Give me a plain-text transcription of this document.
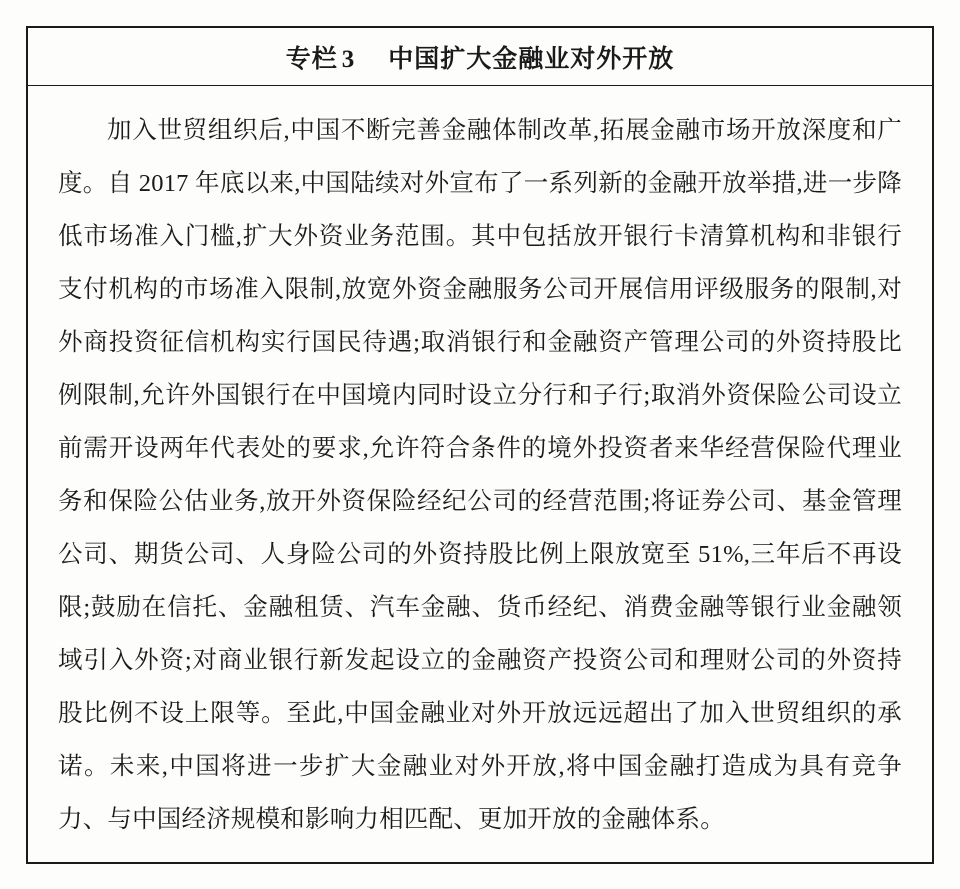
专栏 3 中国扩大金融业对外开放

加入世贸组织后,中国不断完善金融体制改革,拓展金融市场开放深度和广度。自 2017 年底以来,中国陆续对外宣布了一系列新的金融开放举措,进一步降低市场准入门槛,扩大外资业务范围。其中包括放开银行卡清算机构和非银行支付机构的市场准入限制,放宽外资金融服务公司开展信用评级服务的限制,对外商投资征信机构实行国民待遇;取消银行和金融资产管理公司的外资持股比例限制,允许外国银行在中国境内同时设立分行和子行;取消外资保险公司设立前需开设两年代表处的要求,允许符合条件的境外投资者来华经营保险代理业务和保险公估业务,放开外资保险经纪公司的经营范围;将证券公司、基金管理公司、期货公司、人身险公司的外资持股比例上限放宽至 51%,三年后不再设限;鼓励在信托、金融租赁、汽车金融、货币经纪、消费金融等银行业金融领域引入外资;对商业银行新发起设立的金融资产投资公司和理财公司的外资持股比例不设上限等。至此,中国金融业对外开放远远超出了加入世贸组织的承诺。未来,中国将进一步扩大金融业对外开放,将中国金融打造成为具有竞争力、与中国经济规模和影响力相匹配、更加开放的金融体系。
